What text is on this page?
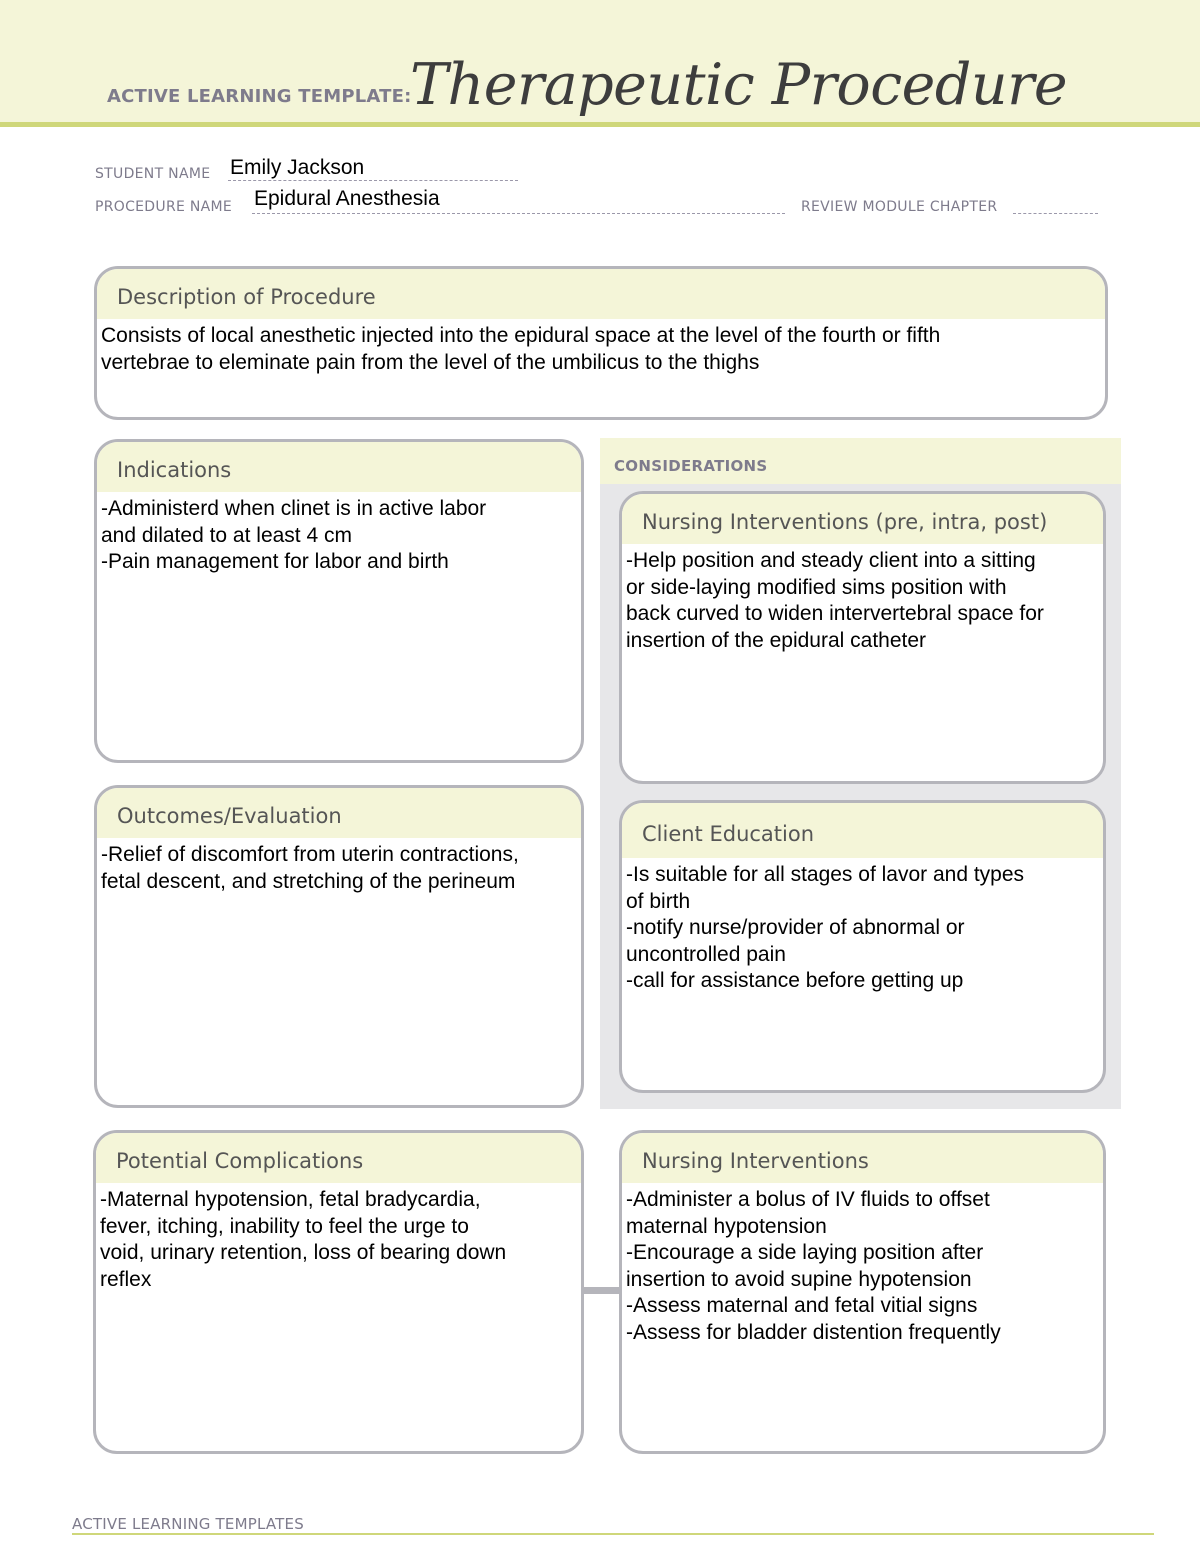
ACTIVE LEARNING TEMPLATE:
Therapeutic Procedure
STUDENT NAME Emily Jackson
PROCEDURE NAME Epidural Anesthesia	REVIEW MODULE CHAPTER
Description of Procedure
Consists of local anesthetic injected into the epidural space at the level of the fourth or fifth
vertebrae to eleminate pain from the level of the umbilicus to the thighs
Indications
-Administerd when clinet is in active labor
and dilated to at least 4 cm
-Pain management for labor and birth
Outcomes/Evaluation
-Relief of discomfort from uterin contractions,
fetal descent, and stretching of the perineum
CONSIDERATIONS
Nursing Interventions (pre, intra, post)
-Help position and steady client into a sitting
or side-laying modified sims position with
back curved to widen intervertebral space for
insertion of the epidural catheter
Client Education
-Is suitable for all stages of lavor and types
of birth
-notify nurse/provider of abnormal or
uncontrolled pain
-call for assistance before getting up
Potential Complications
-Maternal hypotension, fetal bradycardia,
fever, itching, inability to feel the urge to
void, urinary retention, loss of bearing down
reflex
Nursing Interventions
-Administer a bolus of IV fluids to offset
maternal hypotension
-Encourage a side laying position after
insertion to avoid supine hypotension
-Assess maternal and fetal vitial signs
-Assess for bladder distention frequently
ACTIVE LEARNING TEMPLATES
